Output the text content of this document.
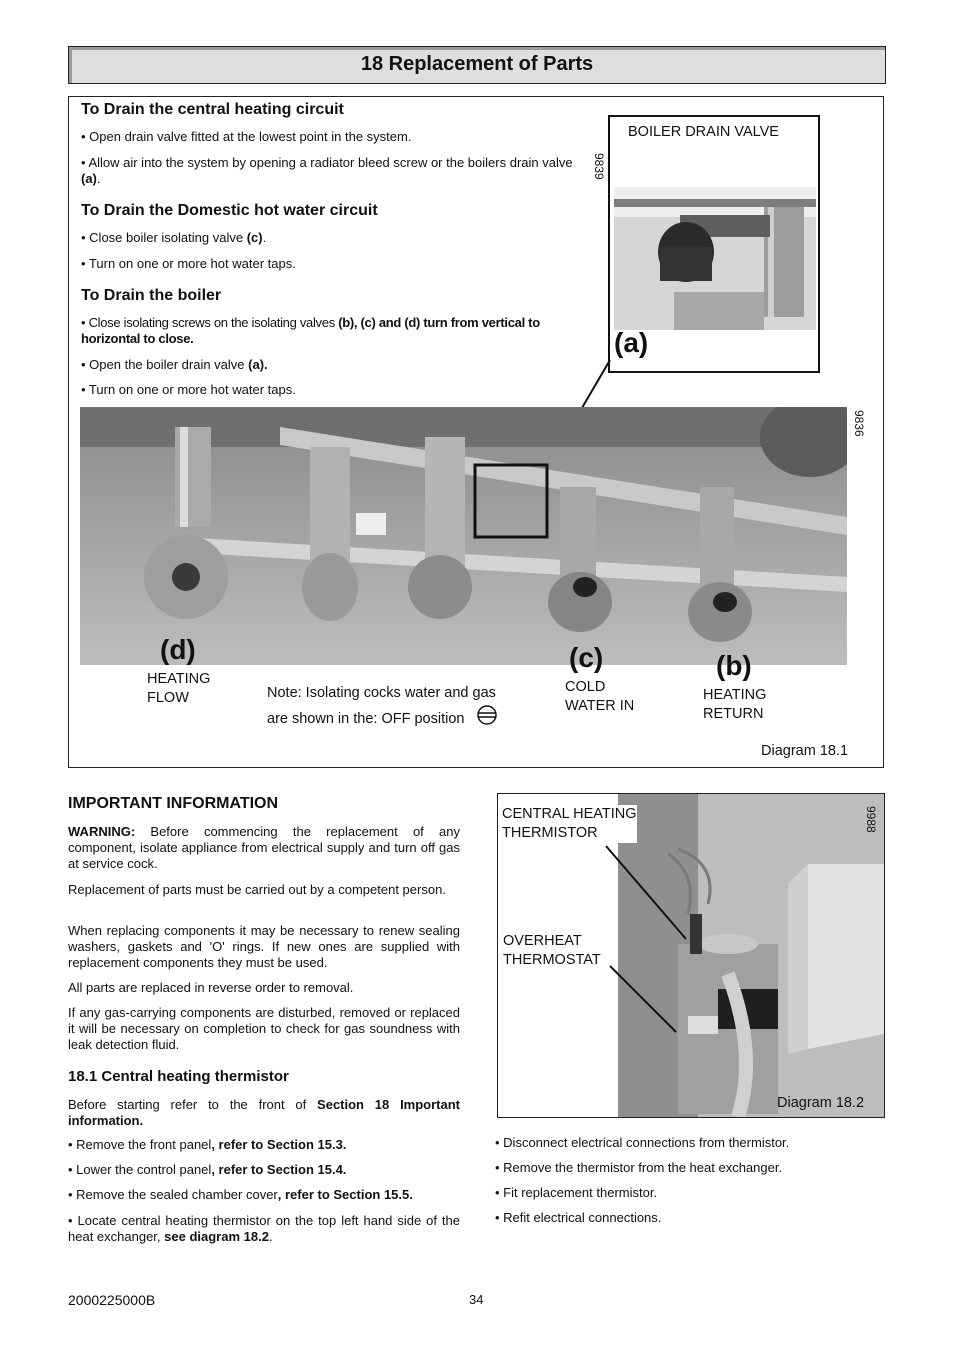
18 Replacement of Parts
To Drain the central heating circuit
• Open drain valve fitted at the lowest point in the system.
• Allow air into the system by opening a radiator bleed screw or the boilers drain valve (a).
To Drain the Domestic hot water circuit
• Close boiler isolating valve (c).
• Turn on one or more hot water taps.
To Drain the boiler
• Close isolating screws on the isolating valves (b), (c) and (d) turn from vertical to horizontal to close.
• Open the boiler drain valve (a).
• Turn on one or more hot water taps.
BOILER DRAIN VALVE
9839
(a)
9836
(d)	(c)	(b)
HEATING
FLOW
COLD
WATER IN
HEATING
RETURN
Note: Isolating cocks water and gas
are shown in the: OFF position
Diagram 18.1
IMPORTANT INFORMATION
WARNING: Before commencing the replacement of any component, isolate appliance from electrical supply and turn off gas at service cock.
Replacement of parts must be carried out by a competent person.
When replacing components it may be necessary to renew sealing washers, gaskets and 'O' rings. If new ones are supplied with replacement components they must be used.
All parts are replaced in reverse order to removal.
If any gas-carrying components are disturbed, removed or replaced it will be necessary on completion to check for gas soundness with leak detection fluid.
18.1 Central heating thermistor
Before starting refer to the front of Section 18 Important information.
• Remove the front panel, refer to Section 15.3.
• Lower the control panel, refer to Section 15.4.
• Remove the sealed chamber cover, refer to Section 15.5.
• Locate central heating thermistor on the top left hand side of the heat exchanger, see diagram 18.2.
CENTRAL HEATING
THERMISTOR
OVERHEAT
THERMOSTAT
9988
Diagram 18.2
• Disconnect electrical connections from thermistor.
• Remove the thermistor from the heat exchanger.
• Fit replacement thermistor.
• Refit electrical connections.
2000225000B	34
